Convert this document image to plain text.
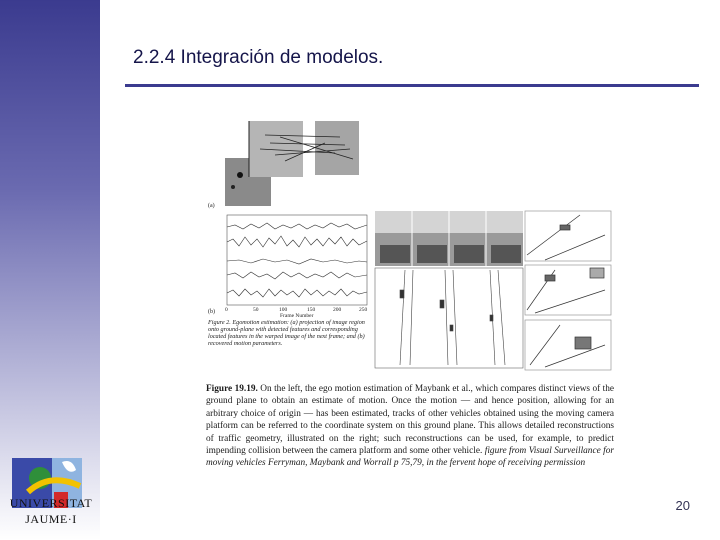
UNIVERSITAT
JAUME·I
2.2.4 Integración de modelos.
0	50	100	150	200	250
Frame Number
(a)
(b)
Figure 2. Egomotion estimation: (a) projection of image region onto ground-plane with detected features and corresponding located features in the warped image of the next frame; and (b) recovered motion parameters.
Figure 19.19. On the left, the ego motion estimation of Maybank et al., which compares distinct views of the ground plane to obtain an estimate of motion. Once the motion — and hence position, allowing for an arbitrary choice of origin — has been estimated, tracks of other vehicles obtained using the moving camera platform can be referred to the coordinate system on this ground plane. This allows detailed reconstructions of traffic geometry, illustrated on the right; such reconstructions can be used, for example, to predict impending collision between the camera platform and some other vehicle. figure from Visual Surveillance for moving vehicles Ferryman, Maybank and Worrall p 75,79, in the fervent hope of receiving permission
20
